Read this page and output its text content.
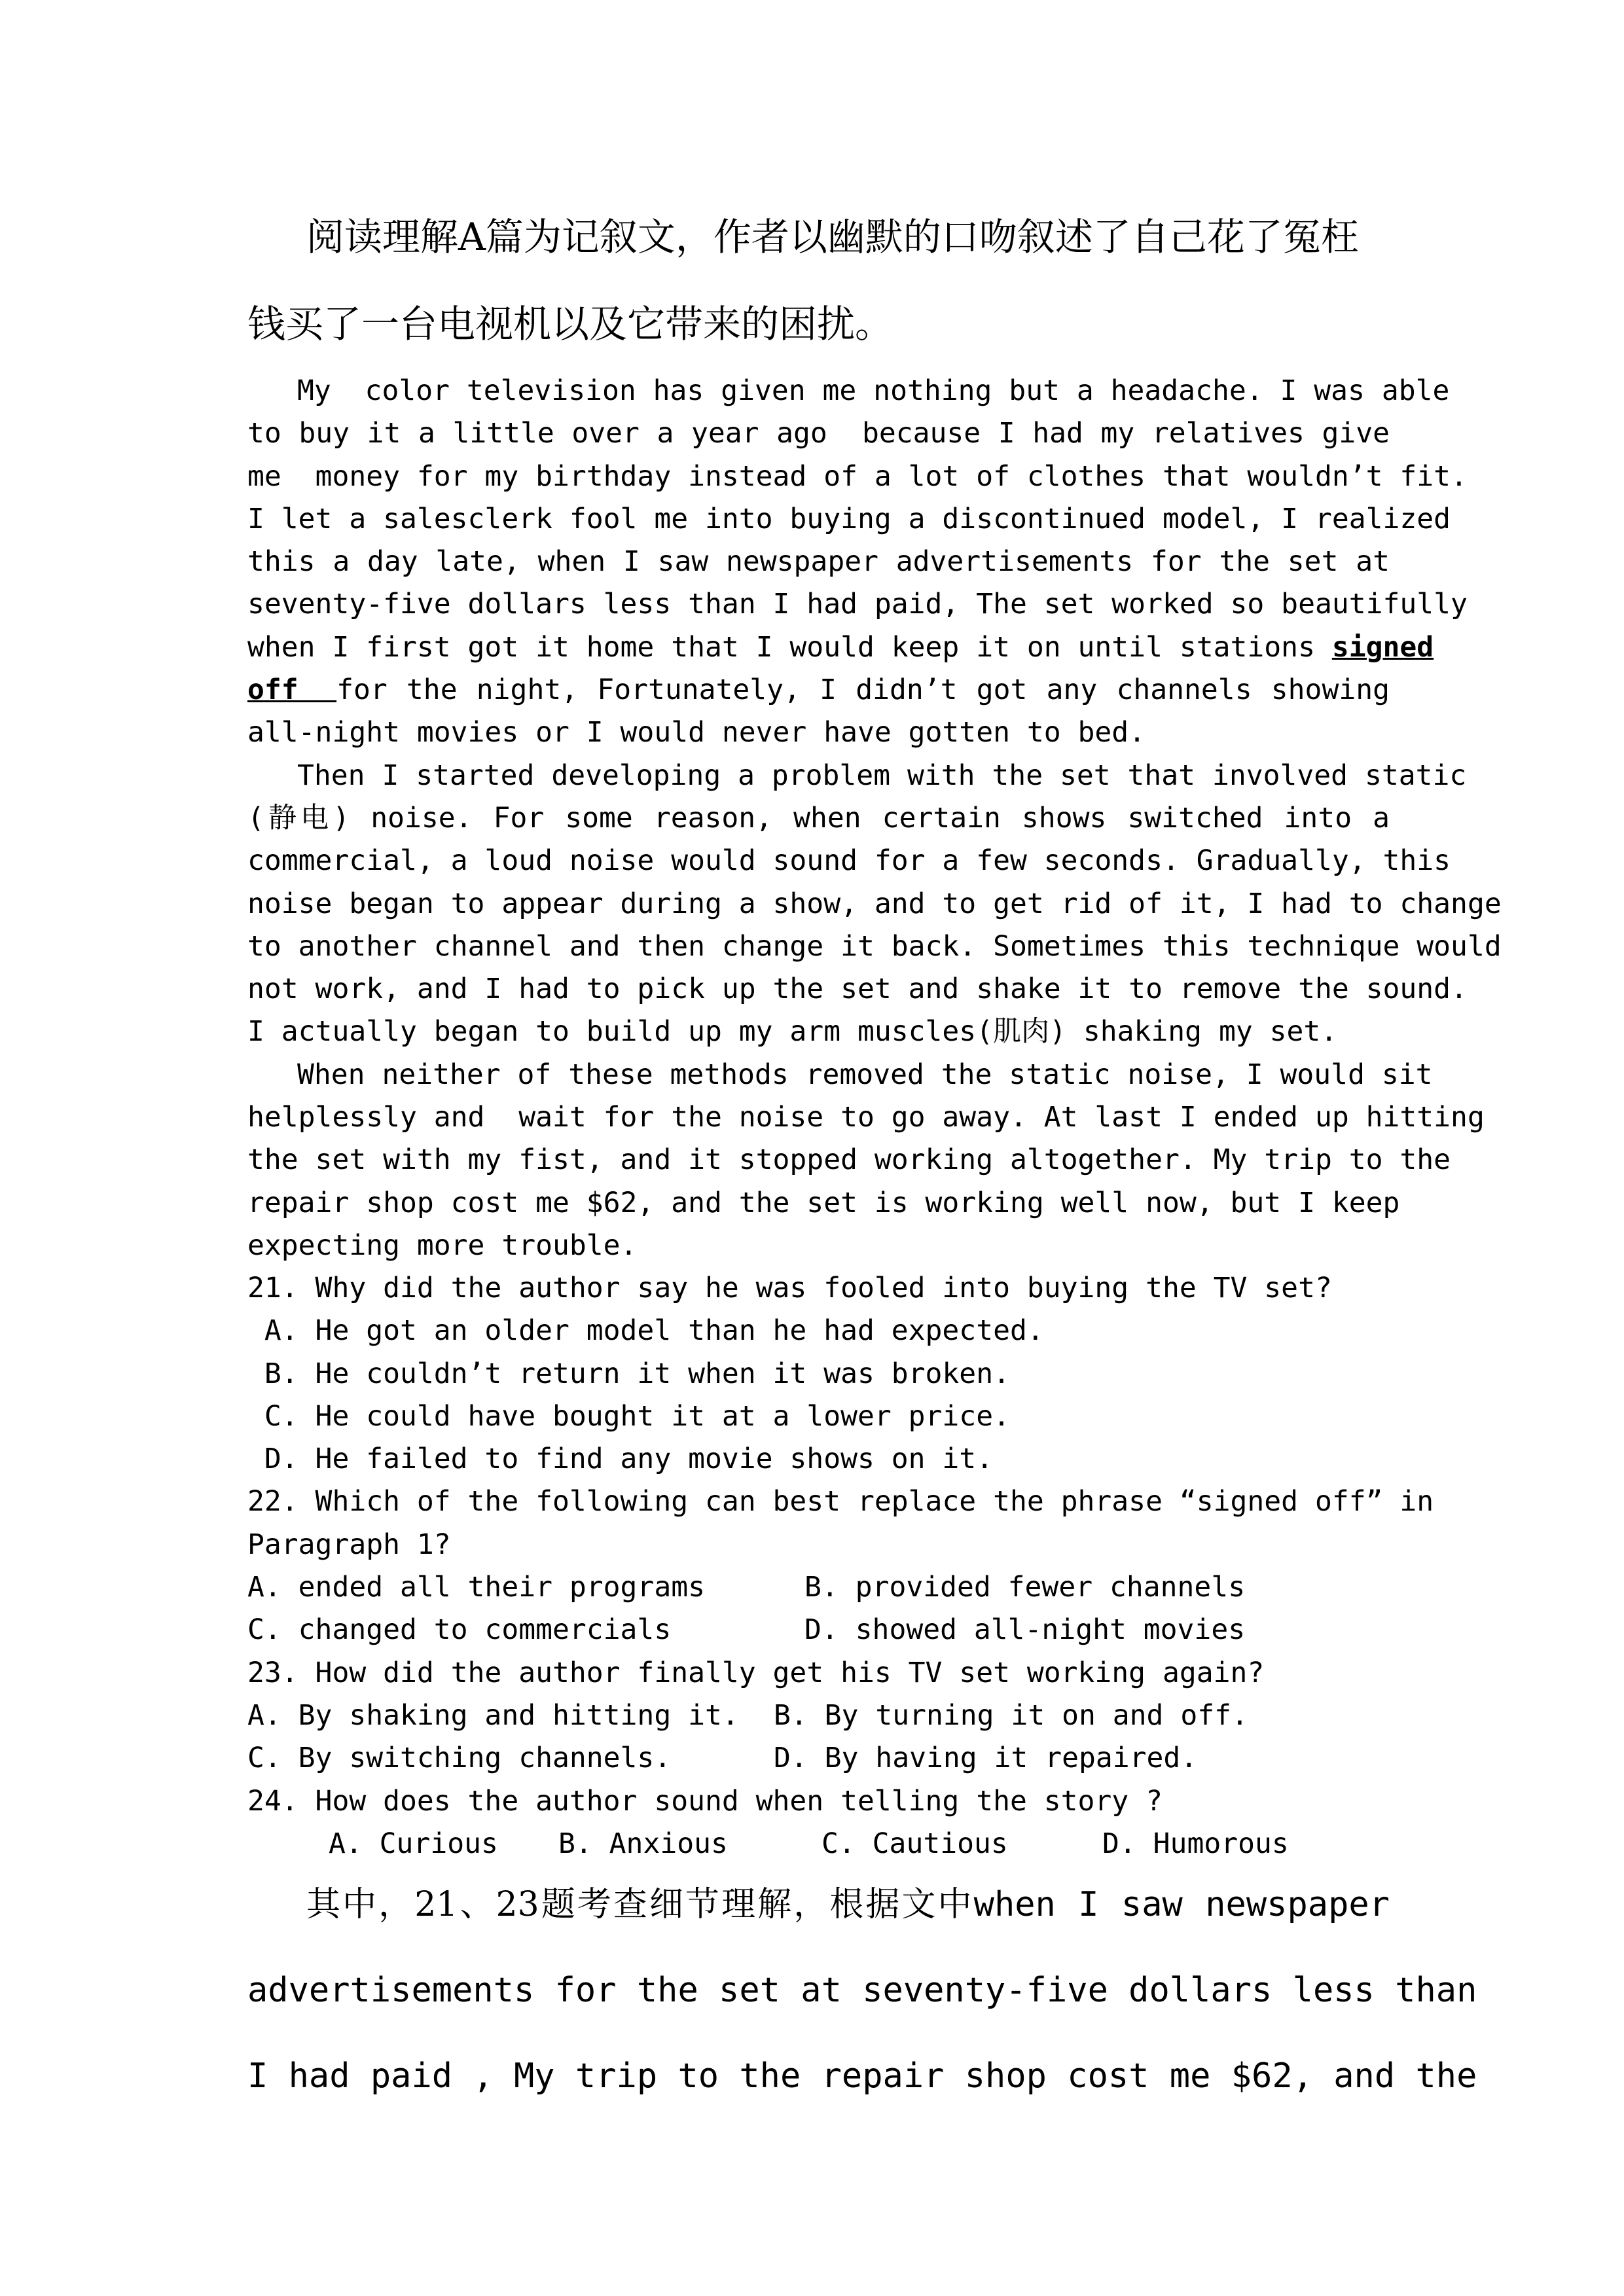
阅读理解A篇为记叙文，作者以幽默的口吻叙述了自己花了冤枉
钱买了一台电视机以及它带来的困扰。
My  color television has given me nothing but a headache. I was able
to buy it a little over a year ago  because I had my relatives give
me  money for my birthday instead of a lot of clothes that wouldn’t fit.
I let a salesclerk fool me into buying a discontinued model, I realized
this a day late, when I saw newspaper advertisements for the set at
seventy-five dollars less than I had paid, The set worked so beautifully
when I first got it home that I would keep it on until stations signed
off  for the night, Fortunately, I didn’t got any channels showing
all-night movies or I would never have gotten to bed.
Then I started developing a problem with the set that involved static
(静电) noise. For some reason, when certain shows switched into a
commercial, a loud noise would sound for a few seconds. Gradually, this
noise began to appear during a show, and to get rid of it, I had to change
to another channel and then change it back. Sometimes this technique would
not work, and I had to pick up the set and shake it to remove the sound.
I actually began to build up my arm muscles(肌肉) shaking my set.
When neither of these methods removed the static noise, I would sit
helplessly and  wait for the noise to go away. At last I ended up hitting
the set with my fist, and it stopped working altogether. My trip to the
repair shop cost me $62, and the set is working well now, but I keep
expecting more trouble.
21. Why did the author say he was fooled into buying the TV set?
A. He got an older model than he had expected.
B. He couldn’t return it when it was broken.
C. He could have bought it at a lower price.
D. He failed to find any movie shows on it.
22. Which of the following can best replace the phrase “signed off” in
Paragraph 1?
A. ended all their programs	B. provided fewer channels
C. changed to commercials	D. showed all-night movies
23. How did the author finally get his TV set working again?
A. By shaking and hitting it. B. By turning it on and off.
C. By switching channels.	D. By having it repaired.
24. How does the author sound when telling the story ?
A. Curious B. Anxious	C. Cautious	D. Humorous
其中，21、23题考查细节理解，根据文中when I saw newspaper
advertisements for the set at seventy-five dollars less than
I had paid , My trip to the repair shop cost me $62, and the
